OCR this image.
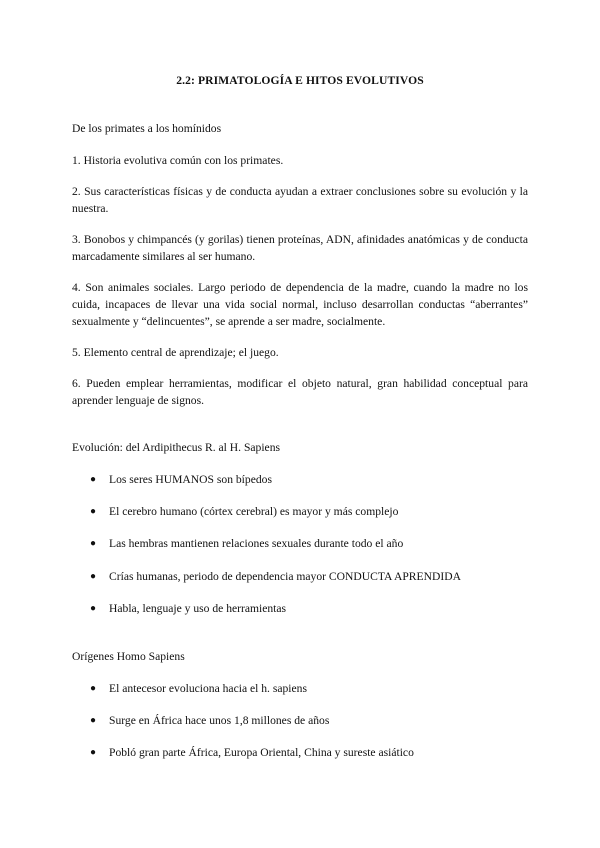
2.2: PRIMATOLOGÍA E HITOS EVOLUTIVOS

De los primates a los homínidos

1. Historia evolutiva común con los primates.

2. Sus características físicas y de conducta ayudan a extraer conclusiones sobre su evolución y la nuestra.

3. Bonobos y chimpancés (y gorilas) tienen proteínas, ADN, afinidades anatómicas y de conducta marcadamente similares al ser humano.

4. Son animales sociales. Largo periodo de dependencia de la madre, cuando la madre no los cuida, incapaces de llevar una vida social normal, incluso desarrollan conductas “aberrantes” sexualmente y “delincuentes”, se aprende a ser madre, socialmente.

5. Elemento central de aprendizaje; el juego.

6. Pueden emplear herramientas, modificar el objeto natural, gran habilidad conceptual para aprender lenguaje de signos.

Evolución: del Ardipithecus R. al H. Sapiens

● Los seres HUMANOS son bípedos
● El cerebro humano (córtex cerebral) es mayor y más complejo
● Las hembras mantienen relaciones sexuales durante todo el año
● Crías humanas, periodo de dependencia mayor CONDUCTA APRENDIDA
● Habla, lenguaje y uso de herramientas

Orígenes Homo Sapiens

● El antecesor evoluciona hacia el h. sapiens
● Surge en África hace unos 1,8 millones de años
● Pobló gran parte África, Europa Oriental, China y sureste asiático
